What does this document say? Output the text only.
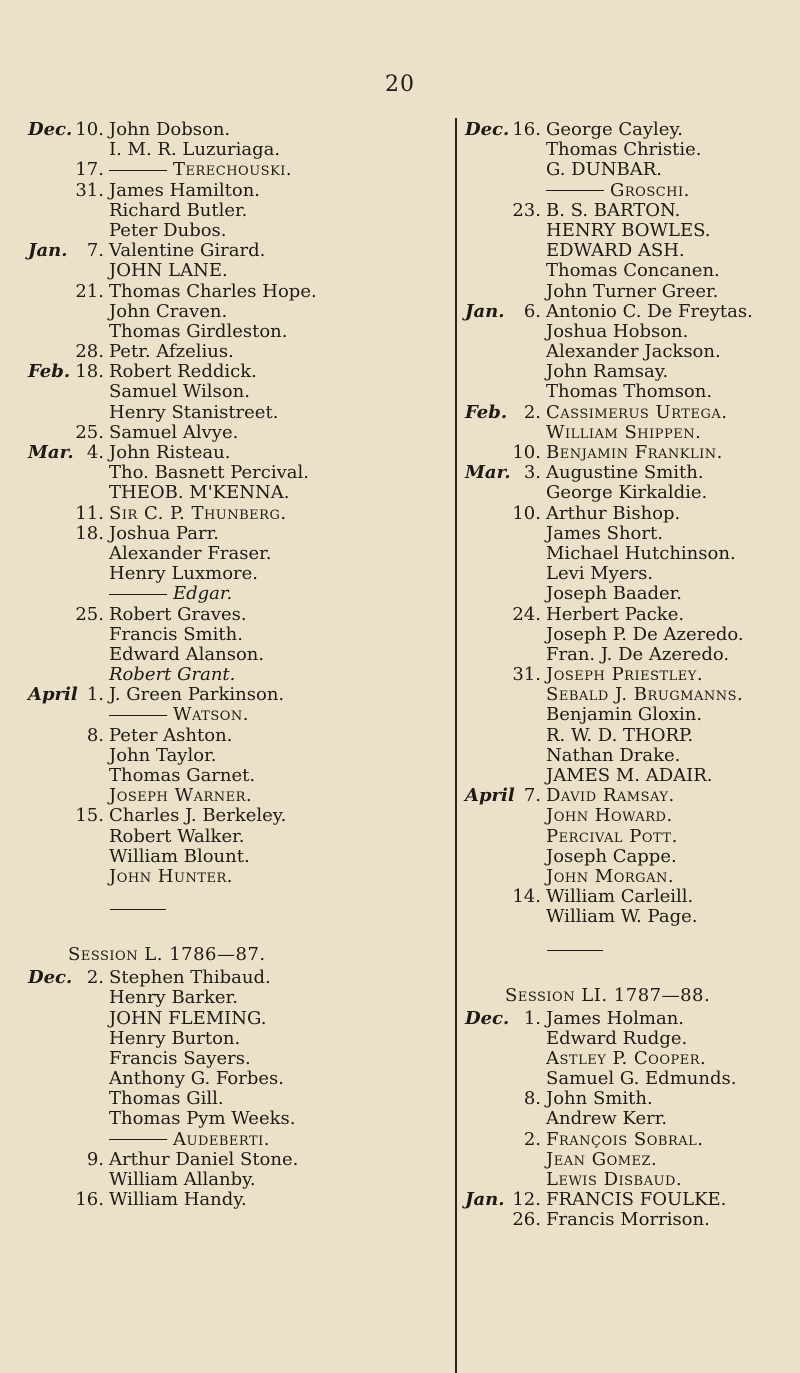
20
Dec. 10. John Dobson.
I. M. R. Luzuriaga.
17.	Terechouski.
31. James Hamilton.
Richard Butler.
Peter Dubos.
Jan.	7. Valentine Girard.
JOHN LANE.
21. Thomas Charles Hope.
John Craven.
Thomas Girdleston.
28. Petr. Afzelius.
Feb. 18. Robert Reddick.
Samuel Wilson.
Henry Stanistreet.
25. Samuel Alvye.
Mar. 4. John Risteau.
Tho. Basnett Percival.
THEOB. M'KENNA.
11. Sir C. P. Thunberg.
18. Joshua Parr.
Alexander Fraser.
Henry Luxmore.
Edgar.
25. Robert Graves.
Francis Smith.
Edward Alanson.
Robert Grant.
April 1. J. Green Parkinson.
Watson.
8. Peter Ashton.
John Taylor.
Thomas Garnet.
Joseph Warner.
15. Charles J. Berkeley.
Robert Walker.
William Blount.
John Hunter.
Session L. 1786—87.
Dec. 2. Stephen Thibaud.
Henry Barker.
JOHN FLEMING.
Henry Burton.
Francis Sayers.
Anthony G. Forbes.
Thomas Gill.
Thomas Pym Weeks.
Audeberti.
9. Arthur Daniel Stone.
William Allanby.
16. William Handy.
Dec. 16. George Cayley.
Thomas Christie.
G. DUNBAR.
Groschi.
23. B. S. BARTON.
HENRY BOWLES.
EDWARD ASH.
Thomas Concanen.
John Turner Greer.
Jan.	6. Antonio C. De Freytas.
Joshua Hobson.
Alexander Jackson.
John Ramsay.
Thomas Thomson.
Feb. 2. Cassimerus Urtega.
William Shippen.
10. Benjamin Franklin.
Mar. 3. Augustine Smith.
George Kirkaldie.
10. Arthur Bishop.
James Short.
Michael Hutchinson.
Levi Myers.
Joseph Baader.
24. Herbert Packe.
Joseph P. De Azeredo.
Fran. J. De Azeredo.
31. Joseph Priestley.
Sebald J. Brugmanns.
Benjamin Gloxin.
R. W. D. THORP.
Nathan Drake.
JAMES M. ADAIR.
April 7. David Ramsay.
John Howard.
Percival Pott.
Joseph Cappe.
John Morgan.
14. William Carleill.
William W. Page.
Session LI. 1787—88.
Dec. 1. James Holman.
Edward Rudge.
Astley P. Cooper.
Samuel G. Edmunds.
8. John Smith.
Andrew Kerr.
2. François Sobral.
Jean Gomez.
Lewis Disbaud.
Jan. 12. FRANCIS FOULKE.
26. Francis Morrison.
